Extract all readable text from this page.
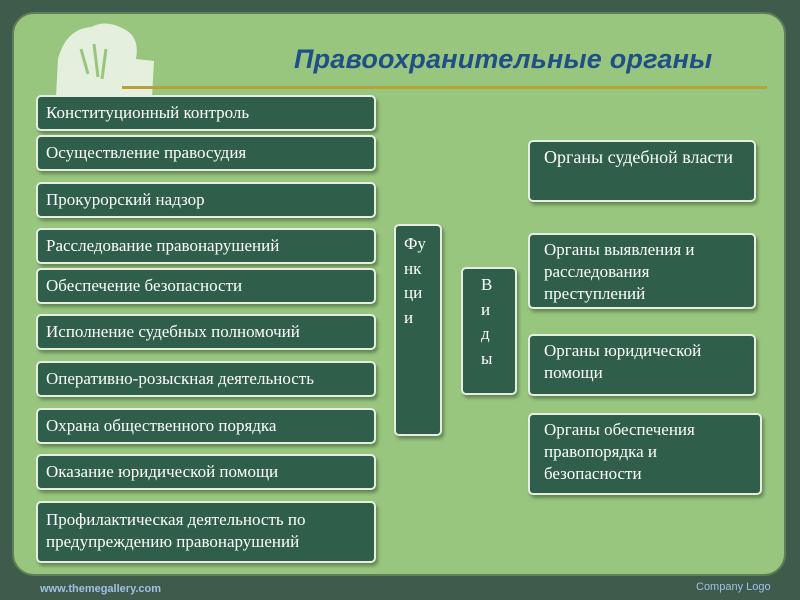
Правоохранительные органы
Конституционный контроль
Осуществление правосудия
Прокурорский надзор
Расследование правонарушений
Обеспечение безопасности
Исполнение судебных полномочий
Оперативно-розыскная деятельность
Охрана общественного порядка
Оказание юридической помощи
Профилактическая деятельность по предупреждению правонарушений
Фу
нк
ци
и
В
и
д
ы
Органы судебной власти
Органы выявления и расследования преступлений
Органы юридической помощи
Органы обеспечения правопорядка и безопасности
www.themegallery.com	Company Logo
